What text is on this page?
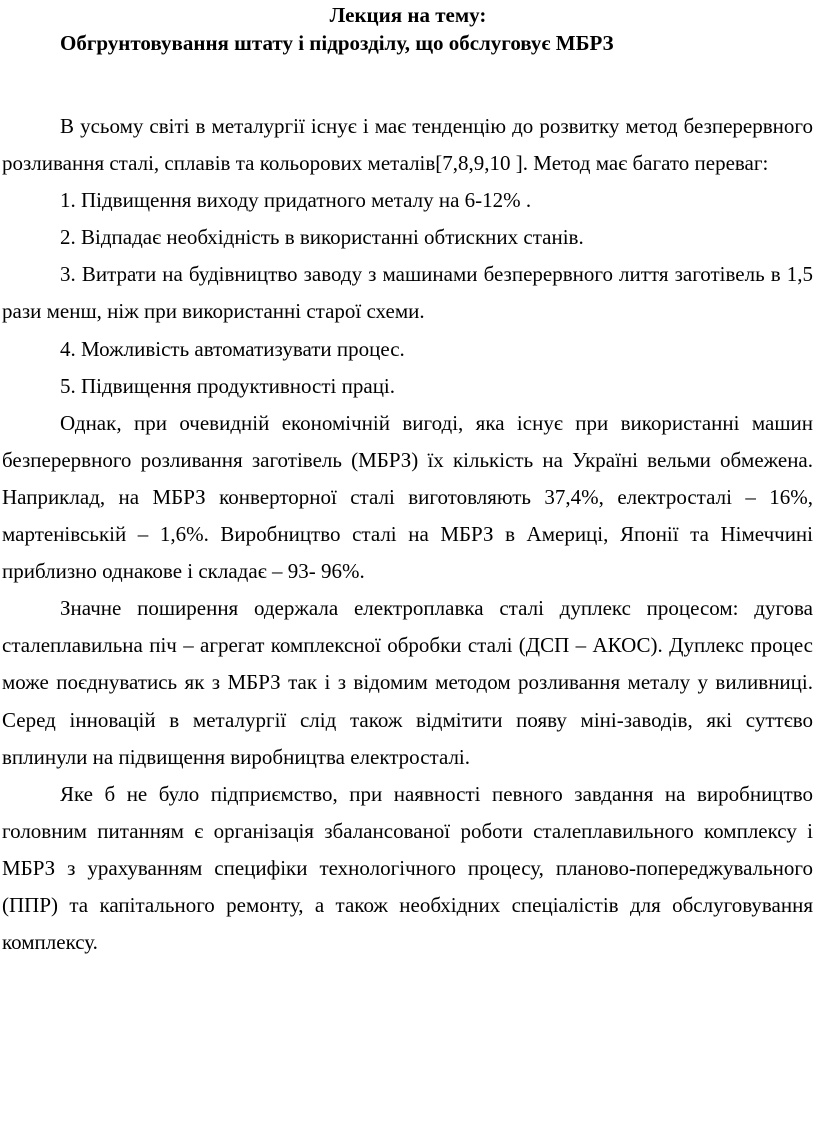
Лекция на тему:
Обгрунтовування штату і підрозділу, що обслуговує МБРЗ

В усьому світі в металургії існує і має тенденцію до розвитку метод безперервного розливання сталі, сплавів та кольорових металів[7,8,9,10 ]. Метод має багато переваг:

1. Підвищення виходу придатного металу на 6-12% .

2. Відпадає необхідність в використанні обтискних станів.

3. Витрати на будівництво заводу з машинами безперервного лиття заготівель в 1,5 рази менш, ніж при використанні старої схеми.

4. Можливість автоматизувати процес.

5. Підвищення продуктивності праці.

Однак, при очевидній економічній вигоді, яка існує при використанні машин безперервного розливання заготівель (МБРЗ) їх кількість на Україні вельми обмежена. Наприклад, на МБРЗ конверторної сталі виготовляють 37,4%, електросталі – 16%, мартенівській – 1,6%. Виробництво сталі на МБРЗ в Америці, Японії та Німеччині приблизно однакове і складає – 93- 96%.

Значне поширення одержала електроплавка сталі дуплекс процесом: дугова сталеплавильна піч – агрегат комплексної обробки сталі (ДСП – АКОС). Дуплекс процес може поєднуватись як з МБРЗ так і з відомим методом розливання металу у виливниці. Серед інновацій в металургії слід також відмітити появу міні-заводів, які суттєво вплинули на підвищення виробництва електросталі.

Яке б не було підприємство, при наявності певного завдання на виробництво головним питанням є організація збалансованої роботи сталеплавильного комплексу і МБРЗ з урахуванням специфіки технологічного процесу, планово-попереджувального (ППР) та капітального ремонту, а також необхідних спеціалістів для обслуговування комплексу.
